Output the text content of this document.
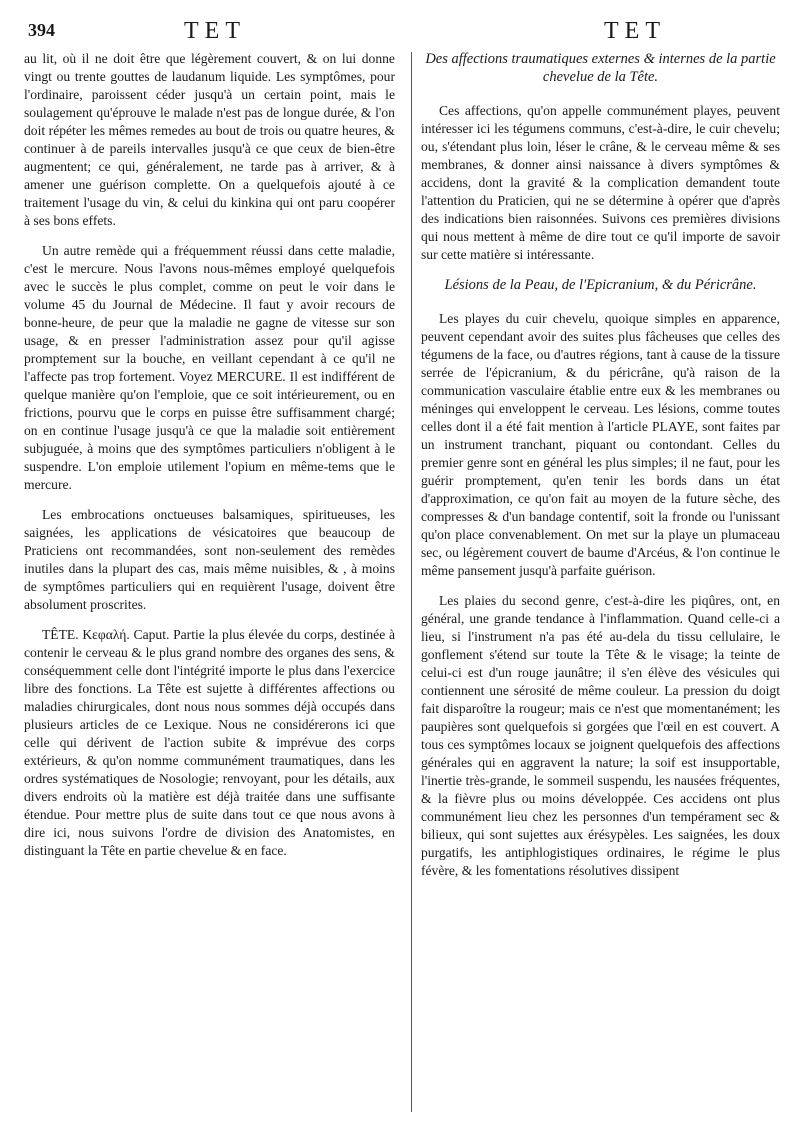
394	TET	TET

au lit, où il ne doit être que légèrement couvert, & on lui donne vingt ou trente gouttes de laudanum liquide. Les symptômes, pour l'ordinaire, paroissent céder jusqu'à un certain point, mais le soulagement qu'éprouve le malade n'est pas de longue durée, & l'on doit répéter les mêmes remedes au bout de trois ou quatre heures, & continuer à de pareils intervalles jusqu'à ce que ceux de bien-être augmentent; ce qui, généralement, ne tarde pas à arriver, & à amener une guérison complette. On a quelquefois ajouté à ce traitement l'usage du vin, & celui du kinkina qui ont paru coopérer à ses bons effets.

Un autre remède qui a fréquemment réussi dans cette maladie, c'est le mercure. Nous l'avons nous-mêmes employé quelquefois avec le succès le plus complet, comme on peut le voir dans le volume 45 du Journal de Médecine. Il faut y avoir recours de bonne-heure, de peur que la maladie ne gagne de vitesse sur son usage, & en presser l'administration assez pour qu'il agisse promptement sur la bouche, en veillant cependant à ce qu'il ne l'affecte pas trop fortement. Voyez MERCURE. Il est indifférent de quelque manière qu'on l'emploie, que ce soit intérieurement, ou en frictions, pourvu que le corps en puisse être suffisamment chargé; on en continue l'usage jusqu'à ce que la maladie soit entièrement subjuguée, à moins que des symptômes particuliers n'obligent à le suspendre. L'on emploie utilement l'opium en même-tems que le mercure.

Les embrocations onctueuses balsamiques, spiritueuses, les saignées, les applications de vésicatoires que beaucoup de Praticiens ont recommandées, sont non-seulement des remèdes inutiles dans la plupart des cas, mais même nuisibles, & , à moins de symptômes particuliers qui en requièrent l'usage, doivent être absolument proscrites.

TÊTE. Κεφαλή. Caput. Partie la plus élevée du corps, destinée à contenir le cerveau & le plus grand nombre des organes des sens, & conséquemment celle dont l'intégrité importe le plus dans l'exercice libre des fonctions. La Tête est sujette à différentes affections ou maladies chirurgicales, dont nous nous sommes déjà occupés dans plusieurs articles de ce Lexique. Nous ne considérerons ici que celle qui dérivent de l'action subite & imprévue des corps extérieurs, & qu'on nomme communément traumatiques, dans les ordres systématiques de Nosologie; renvoyant, pour les détails, aux divers endroits où la matière est déjà traitée dans une suffisante étendue. Pour mettre plus de suite dans tout ce que nous avons à dire ici, nous suivons l'ordre de division des Anatomistes, en distinguant la Tête en partie chevelue & en face.

Des affections traumatiques externes & internes de la partie chevelue de la Tête.

Ces affections, qu'on appelle communément playes, peuvent intéresser ici les tégumens communs, c'est-à-dire, le cuir chevelu; ou, s'étendant plus loin, léser le crâne, & le cerveau même & ses membranes, & donner ainsi naissance à divers symptômes & accidens, dont la gravité & la complication demandent toute l'attention du Praticien, qui ne se détermine à opérer que d'après des indications bien raisonnées. Suivons ces premières divisions qui nous mettent à même de dire tout ce qu'il importe de savoir sur cette matière si intéressante.

Lésions de la Peau, de l'Epicranium, & du Péricrâne.

Les playes du cuir chevelu, quoique simples en apparence, peuvent cependant avoir des suites plus fâcheuses que celles des tégumens de la face, ou d'autres régions, tant à cause de la tissure serrée de l'épicranium, & du péricrâne, qu'à raison de la communication vasculaire établie entre eux & les membranes ou méninges qui enveloppent le cerveau. Les lésions, comme toutes celles dont il a été fait mention à l'article PLAYE, sont faites par un instrument tranchant, piquant ou contondant. Celles du premier genre sont en général les plus simples; il ne faut, pour les guérir promptement, qu'en tenir les bords dans un état d'approximation, ce qu'on fait au moyen de la future sèche, des compresses & d'un bandage contentif, soit la fronde ou l'unissant qu'on place convenablement. On met sur la playe un plumaceau sec, ou légèrement couvert de baume d'Arcéus, & l'on continue le même pansement jusqu'à parfaite guérison.

Les plaies du second genre, c'est-à-dire les piqûres, ont, en général, une grande tendance à l'inflammation. Quand celle-ci a lieu, si l'instrument n'a pas été au-dela du tissu cellulaire, le gonflement s'étend sur toute la Tête & le visage; la teinte de celui-ci est d'un rouge jaunâtre; il s'en élève des vésicules qui contiennent une sérosité de même couleur. La pression du doigt fait disparoître la rougeur; mais ce n'est que momentanément; les paupières sont quelquefois si gorgées que l'œil en est couvert. A tous ces symptômes locaux se joignent quelquefois des affections générales qui en aggravent la nature; la soif est insupportable, l'inertie très-grande, le sommeil suspendu, les nausées fréquentes, & la fièvre plus ou moins développée. Ces accidens ont plus communément lieu chez les personnes d'un tempérament sec & bilieux, qui sont sujettes aux érésypèles. Les saignées, les doux purgatifs, les antiphlogistiques ordinaires, le régime le plus févère, & les fomentations résolutives dissipent
